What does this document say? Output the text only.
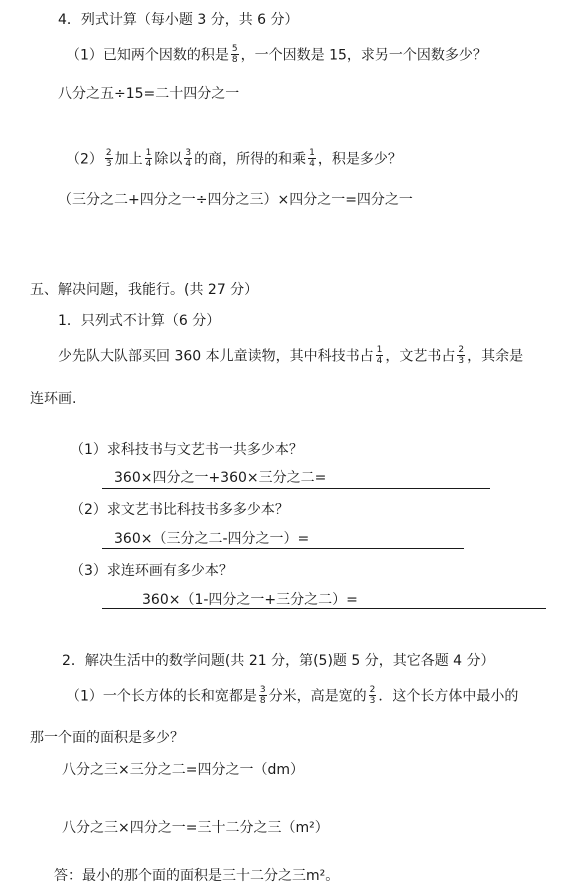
4．列式计算（每小题 3 分，共 6 分）
（1）已知两个因数的积是 $\frac{5}{8}$ ，一个因数是 15，求另一个因数多少？
八分之五÷15=二十四分之一
$(2) \frac{2}{3}$ 加上 $\frac{1}{4}$ 除以 $\frac{3}{4}$ 的商，所得的和乘 $\frac{1}{4}$ ，积是多少？
（三分之二+四分之一÷四分之三）×四分之一=四分之一
五、解决问题，我能行。(共 27 分）
1．只列式不计算（6 分）
少先队大队部买回 360 本儿童读物，其中科技书占 $\frac{1}{4}$ ，文艺书占 $\frac{2}{3}$ ，其余是
连环画.
（1）求科技书与文艺书一共多少本？
360×四分之一+360×三分之二=
（2）求文艺书比科技书多多少本？
360×（三分之二-四分之一）=
（3）求连环画有多少本？
360×（1-四分之一+三分之二）=
2．解决生活中的数学问题(共 21 分，第(5)题 5 分，其它各题 4 分）
（1）一个长方体的长和宽都是 $\frac{3}{8}$ 分米，高是宽的 $\frac{2}{3}$ ．这个长方体中最小的
那一个面的面积是多少？
八分之三×三分之二=四分之一（dm）
八分之三×四分之一=三十二分之三（m²）
答：最小的那个面的面积是三十二分之三m²。
